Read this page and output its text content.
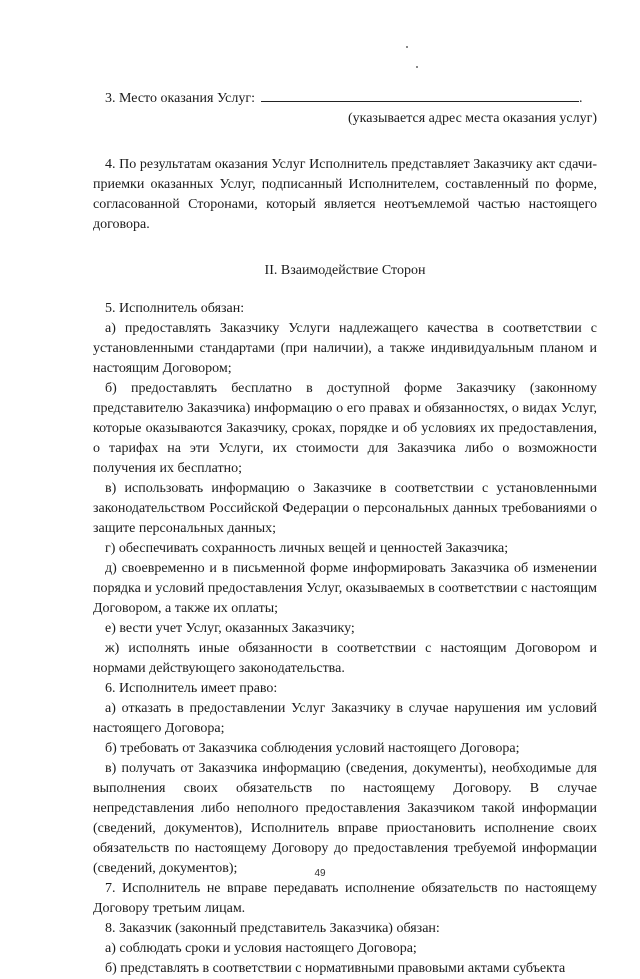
3. Место оказания Услуг:	.

(указывается адрес места оказания услуг)

4. По результатам оказания Услуг Исполнитель представляет Заказчику акт сдачи-приемки оказанных Услуг, подписанный Исполнителем, составленный по форме, согласованной Сторонами, который является неотъемлемой частью настоящего договора.

II. Взаимодействие Сторон

5. Исполнитель обязан:

а) предоставлять Заказчику Услуги надлежащего качества в соответствии с установленными стандартами (при наличии), а также индивидуальным планом и настоящим Договором;

б) предоставлять бесплатно в доступной форме Заказчику (законному представителю Заказчика) информацию о его правах и обязанностях, о видах Услуг, которые оказываются Заказчику, сроках, порядке и об условиях их предоставления, о тарифах на эти Услуги, их стоимости для Заказчика либо о возможности получения их бесплатно;

в) использовать информацию о Заказчике в соответствии с установленными законодательством Российской Федерации о персональных данных требованиями о защите персональных данных;

г) обеспечивать сохранность личных вещей и ценностей Заказчика;

д) своевременно и в письменной форме информировать Заказчика об изменении порядка и условий предоставления Услуг, оказываемых в соответствии с настоящим Договором, а также их оплаты;

е) вести учет Услуг, оказанных Заказчику;

ж) исполнять иные обязанности в соответствии с настоящим Договором и нормами действующего законодательства.

6. Исполнитель имеет право:

а) отказать в предоставлении Услуг Заказчику в случае нарушения им условий настоящего Договора;

б) требовать от Заказчика соблюдения условий настоящего Договора;

в) получать от Заказчика информацию (сведения, документы), необходимые для выполнения своих обязательств по настоящему Договору. В случае непредставления либо неполного предоставления Заказчиком такой информации (сведений, документов), Исполнитель вправе приостановить исполнение своих обязательств по настоящему Договору до предоставления требуемой информации (сведений, документов);

7. Исполнитель не вправе передавать исполнение обязательств по настоящему Договору третьим лицам.

8. Заказчик (законный представитель Заказчика) обязан:

а) соблюдать сроки и условия настоящего Договора;

б) представлять в соответствии с нормативными правовыми актами субъекта

49
